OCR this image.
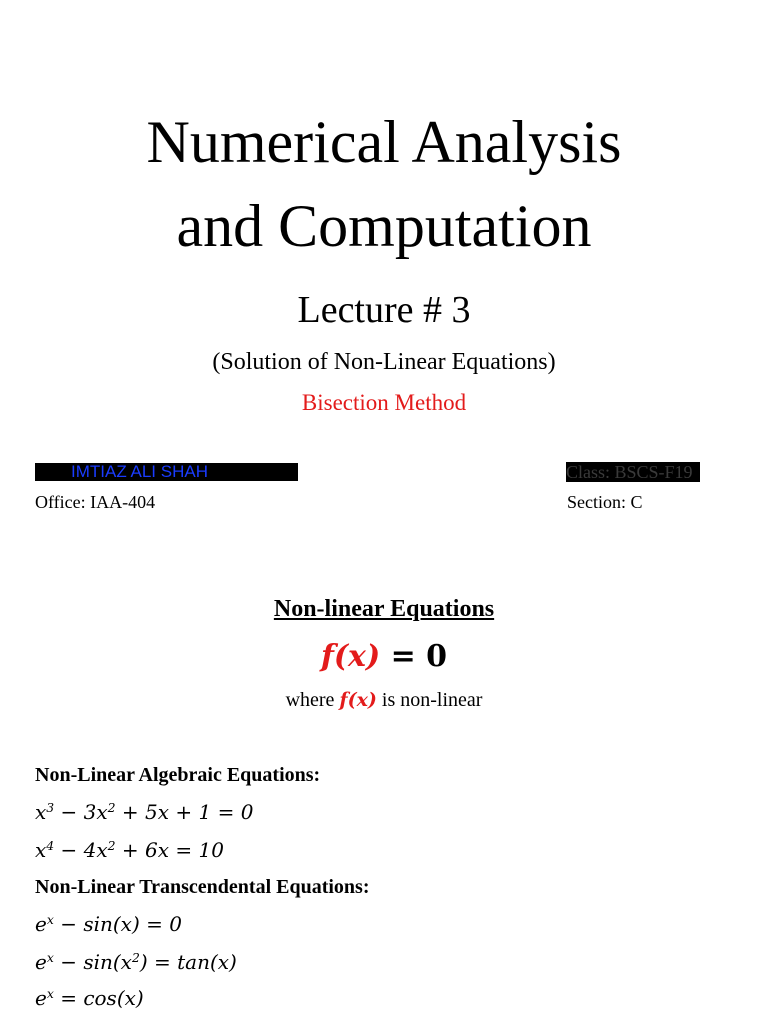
Numerical Analysis
and Computation
Lecture # 3
(Solution of Non-Linear Equations)
Bisection Method
IMTIAZ ALI SHAH
Office: IAA-404
Class: BSCS-F19
Section: C
Non-linear Equations
f(x) = 0
where f(x) is non-linear
Non-Linear Algebraic Equations:
$x^3 - 3x^2 + 5x + 1 = 0$
$x^4 - 4x^2 + 6x = 10$
Non-Linear Transcendental Equations:
$e^x - \sin(x) = 0$
$e^x - \sin(x^2) = \tan(x)$
$e^x = \cos(x)$
